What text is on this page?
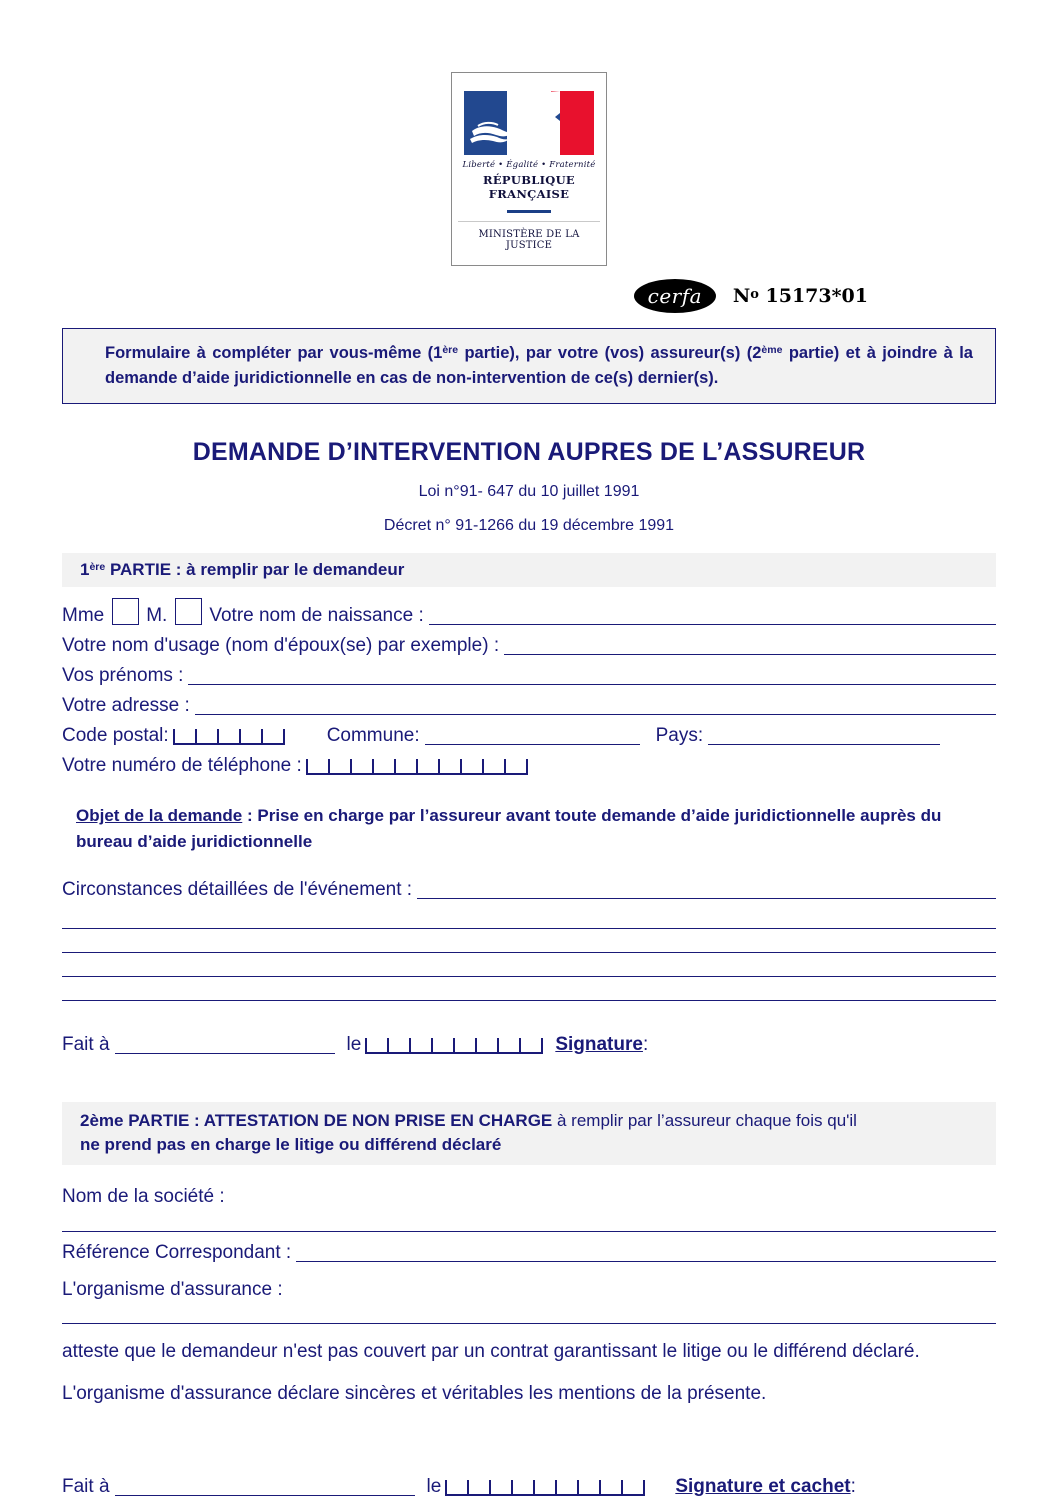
Liberté • Égalité • Fraternité
RÉPUBLIQUE FRANÇAISE
MINISTÈRE DE LA JUSTICE
cerfa	$N^o$ 15173*01

Formulaire à compléter par vous-même (1ère partie), par votre (vos) assureur(s) (2ème partie) et à joindre à la demande d’aide juridictionnelle en cas de non-intervention de ce(s) dernier(s).

DEMANDE D’INTERVENTION AUPRES DE L’ASSUREUR
Loi n°91- 647 du 10 juillet 1991
Décret n° 91-1266 du 19 décembre 1991
1ère PARTIE : à remplir par le demandeur
Mme M. Votre nom de naissance :
Votre nom d'usage (nom d'époux(se) par exemple) :
Vos prénoms :
Votre adresse :
Code postal:	Commune:	Pays:
Votre numéro de téléphone :
Objet de la demande : Prise en charge par l’assureur avant toute demande d’aide juridictionnelle auprès du bureau d’aide juridictionnelle
Circonstances détaillées de l'événement :
Fait à	le	Signature :
2ème PARTIE : ATTESTATION DE NON PRISE EN CHARGE à remplir par l’assureur chaque fois qu'il
ne prend pas en charge le litige ou différend déclaré
Nom de la société :
Référence Correspondant :
L'organisme d'assurance :

atteste que le demandeur n'est pas couvert par un contrat garantissant le litige ou le différend déclaré.

L'organisme d'assurance déclare sincères et véritables les mentions de la présente.

Fait à	le	Signature et cachet :
